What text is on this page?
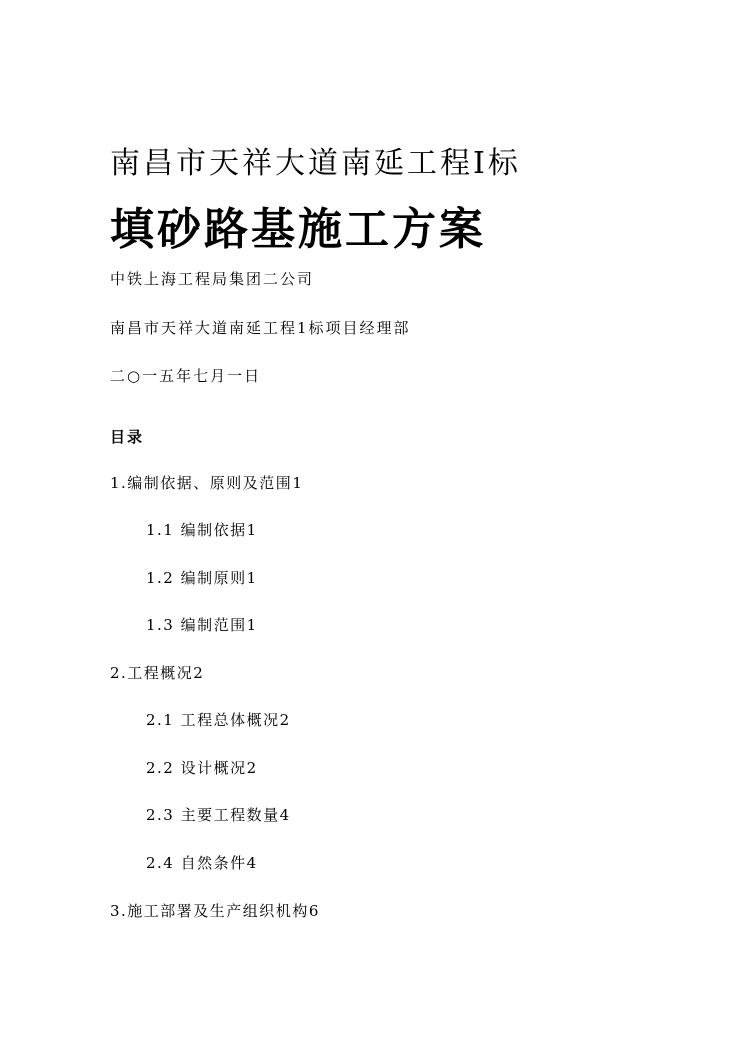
南昌市天祥大道南延工程Ⅰ标
填砂路基施工方案
中铁上海工程局集团二公司
南昌市天祥大道南延工程1标项目经理部
二○一五年七月一日
目录
1.编制依据、原则及范围1
1.1 编制依据1
1.2 编制原则1
1.3 编制范围1
2.工程概况2
2.1 工程总体概况2
2.2 设计概况2
2.3 主要工程数量4
2.4 自然条件4
3.施工部署及生产组织机构6
